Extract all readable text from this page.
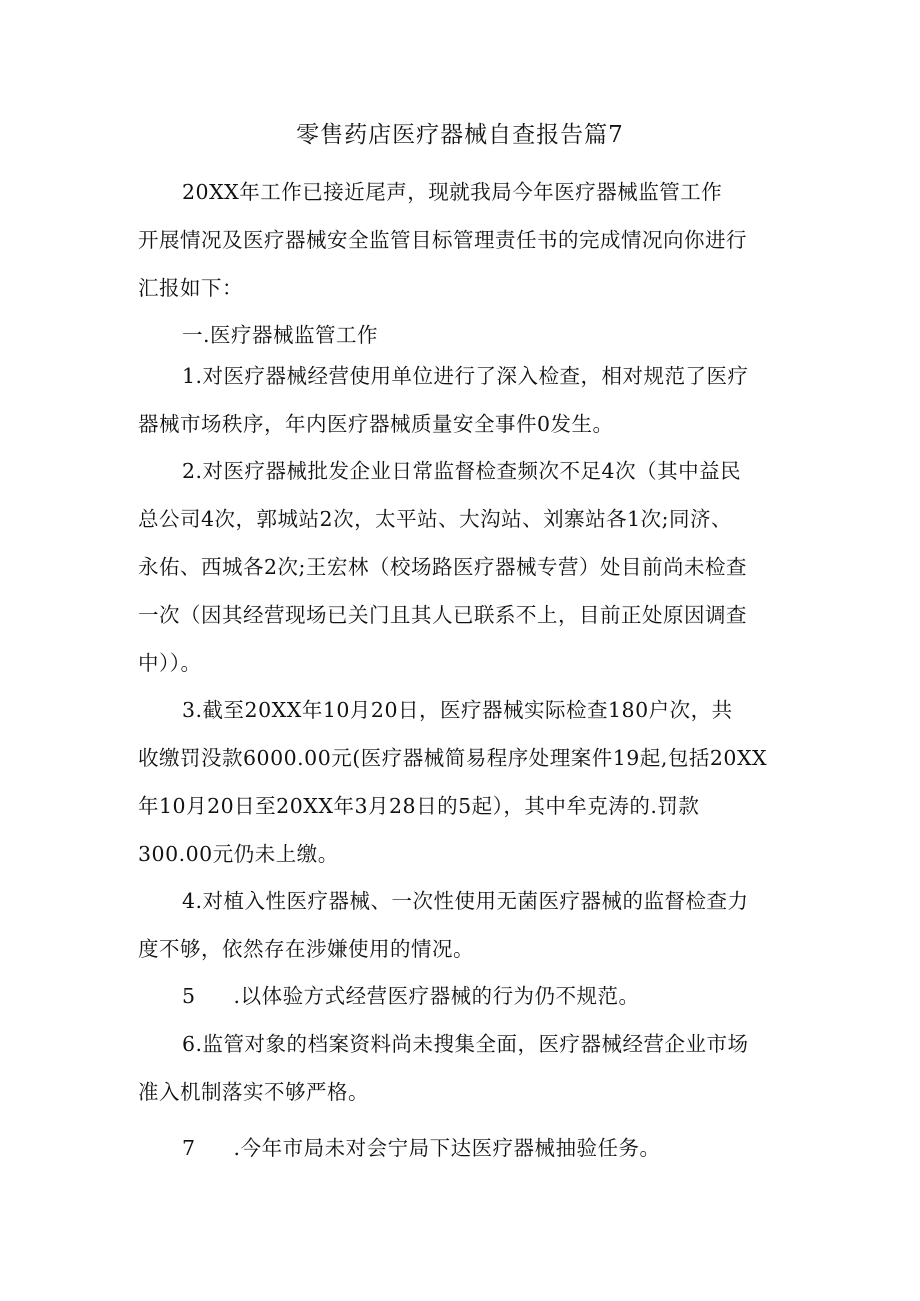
零售药店医疗器械自查报告篇7
20XX年工作已接近尾声，现就我局今年医疗器械监管工作
开展情况及医疗器械安全监管目标管理责任书的完成情况向你进行
汇报如下：
一.医疗器械监管工作
1.对医疗器械经营使用单位进行了深入检查，相对规范了医疗
器械市场秩序，年内医疗器械质量安全事件0发生。
2.对医疗器械批发企业日常监督检查频次不足4次（其中益民
总公司4次，郭城站2次，太平站、大沟站、刘寨站各1次;同济、
永佑、西城各2次;王宏林（校场路医疗器械专营）处目前尚未检查
一次（因其经营现场已关门且其人已联系不上，目前正处原因调查
中））。
3.截至20XX年10月20日，医疗器械实际检查180户次，共
收缴罚没款6000.00元(医疗器械简易程序处理案件19起,包括20XX
年10月20日至20XX年3月28日的5起），其中牟克涛的.罚款
300.00元仍未上缴。
4.对植入性医疗器械、一次性使用无菌医疗器械的监督检查力
度不够，依然存在涉嫌使用的情况。
5 .以体验方式经营医疗器械的行为仍不规范。
6.监管对象的档案资料尚未搜集全面，医疗器械经营企业市场
准入机制落实不够严格。
7 .今年市局未对会宁局下达医疗器械抽验任务。
